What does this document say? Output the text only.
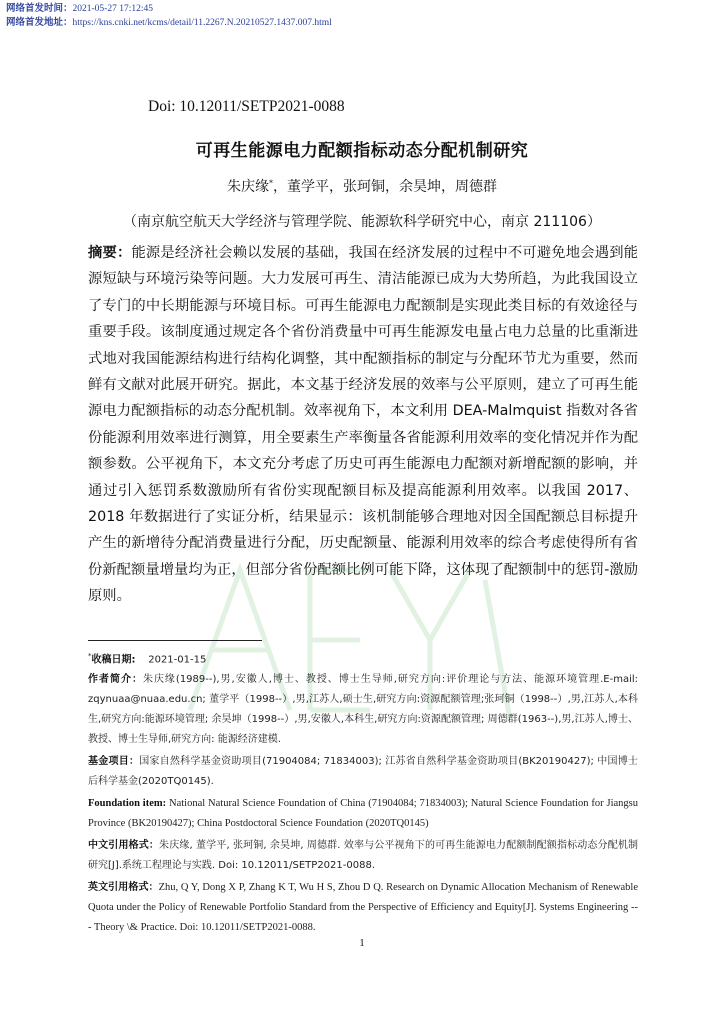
网络首发时间：2021-05-27 17:12:45
网络首发地址：https://kns.cnki.net/kcms/detail/11.2267.N.20210527.1437.007.html
Doi: 10.12011/SETP2021-0088
可再生能源电力配额指标动态分配机制研究
朱庆缘*，董学平，张珂铜，余昊坤，周德群
（南京航空航天大学经济与管理学院、能源软科学研究中心，南京 211106）
摘要：能源是经济社会赖以发展的基础，我国在经济发展的过程中不可避免地会遇到能源短缺与环境污染等问题。大力发展可再生、清洁能源已成为大势所趋，为此我国设立了专门的中长期能源与环境目标。可再生能源电力配额制是实现此类目标的有效途径与重要手段。该制度通过规定各个省份消费量中可再生能源发电量占电力总量的比重渐进式地对我国能源结构进行结构化调整，其中配额指标的制定与分配环节尤为重要，然而鲜有文献对此展开研究。据此，本文基于经济发展的效率与公平原则，建立了可再生能源电力配额指标的动态分配机制。效率视角下，本文利用 DEA-Malmquist 指数对各省份能源利用效率进行测算，用全要素生产率衡量各省能源利用效率的变化情况并作为配额参数。公平视角下，本文充分考虑了历史可再生能源电力配额对新增配额的影响，并通过引入惩罚系数激励所有省份实现配额目标及提高能源利用效率。以我国 2017、2018 年数据进行了实证分析，结果显示：该机制能够合理地对因全国配额总目标提升产生的新增待分配消费量进行分配，历史配额量、能源利用效率的综合考虑使得所有省份新配额量增量均为正，但部分省份配额比例可能下降，这体现了配额制中的惩罚-激励原则。

*收稿日期: 2021-01-15

作者简介：朱庆缘(1989--),男,安徽人,博士、教授、博士生导师,研究方向:评价理论与方法、能源环境管理.E-mail: zqynuaa@nuaa.edu.cn; 董学平（1998--）,男,江苏人,硕士生,研究方向:资源配额管理;张珂铜（1998--）,男,江苏人,本科生,研究方向:能源环境管理; 余昊坤（1998--）,男,安徽人,本科生,研究方向:资源配额管理; 周德群(1963--),男,江苏人,博士、教授、博士生导师,研究方向: 能源经济建模.

基金项目：国家自然科学基金资助项目(71904084; 71834003); 江苏省自然科学基金资助项目(BK20190427); 中国博士后科学基金(2020TQ0145).

Foundation item: National Natural Science Foundation of China (71904084; 71834003); Natural Science Foundation for Jiangsu Province (BK20190427); China Postdoctoral Science Foundation (2020TQ0145)

中文引用格式：朱庆缘, 董学平, 张珂铜, 余昊坤, 周德群. 效率与公平视角下的可再生能源电力配额制配额指标动态分配机制研究[J].系统工程理论与实践. Doi: 10.12011/SETP2021-0088.

英文引用格式：Zhu, Q Y, Dong X P, Zhang K T, Wu H S, Zhou D Q. Research on Dynamic Allocation Mechanism of Renewable Quota under the Policy of Renewable Portfolio Standard from the Perspective of Efficiency and Equity[J]. Systems Engineering --- Theory \& Practice. Doi: 10.12011/SETP2021-0088.

1
